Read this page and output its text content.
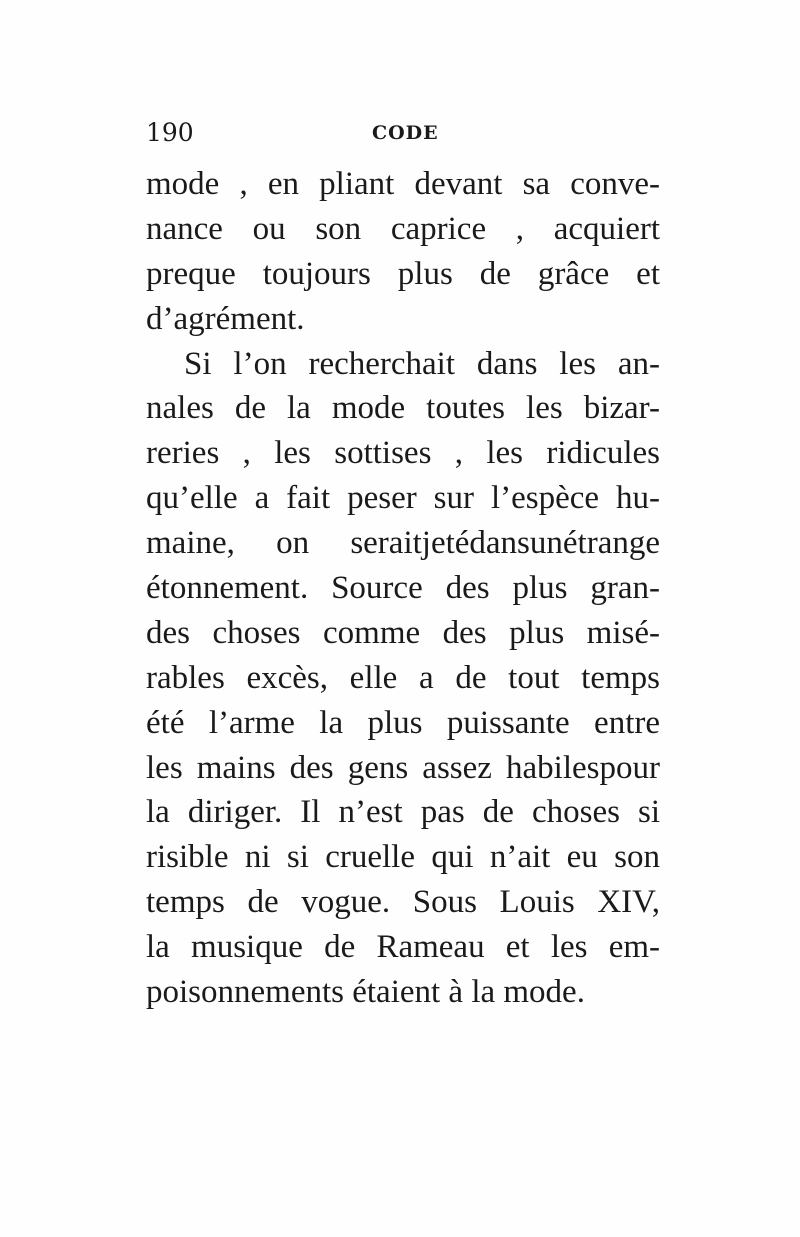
190	CODE
mode , en pliant devant sa conve-
nance ou son caprice , acquiert
preque toujours plus de grâce et
d’agrément.
Si l’on recherchait dans les an-
nales de la mode toutes les bizar-
reries , les sottises , les ridicules
qu’elle a fait peser sur l’espèce hu-
maine, on seraitjetédansunétrange
étonnement. Source des plus gran-
des choses comme des plus misé-
rables excès, elle a de tout temps
été l’arme la plus puissante entre
les mains des gens assez habilespour
la diriger. Il n’est pas de choses si
risible ni si cruelle qui n’ait eu son
temps de vogue. Sous Louis XIV,
la musique de Rameau et les em-
poisonnements étaient à la mode.
